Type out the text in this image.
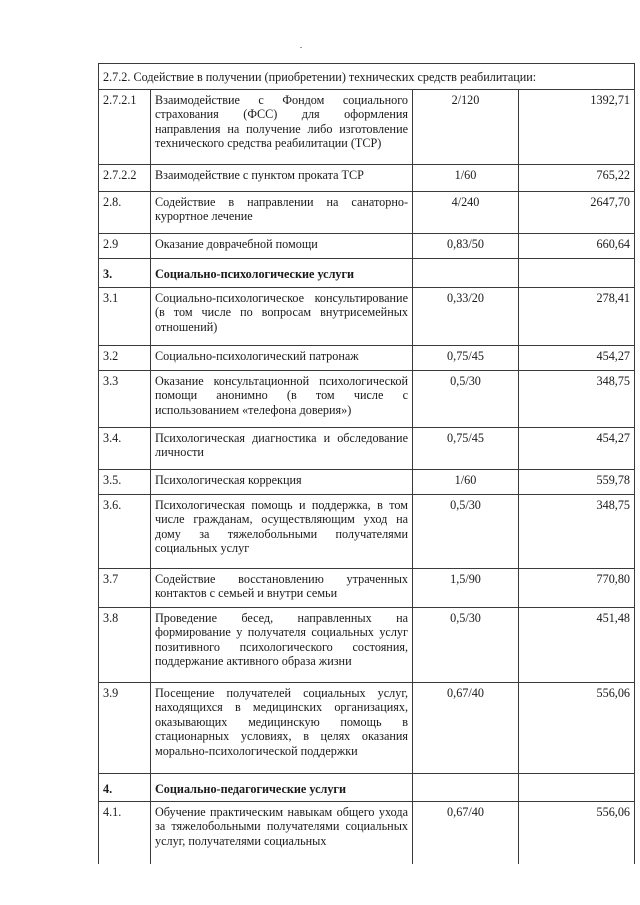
2.7.2. Содействие в получении (приобретении) технических средств реабилитации:			
2.7.2.1	Взаимодействие с Фондом социального страхования (ФСС) для оформления направления на получение либо изготовление технического средства реабилитации (ТСР)	2/120	1392,71
2.7.2.2	Взаимодействие с пунктом проката ТСР	1/60	765,22
2.8.	Содействие в направлении на санаторно-курортное лечение	4/240	2647,70
2.9	Оказание доврачебной помощи	0,83/50	660,64
3.	Социально-психологические услуги		
3.1	Социально-психологическое консультирование (в том числе по вопросам внутрисемейных отношений)	0,33/20	278,41
3.2	Социально-психологический патронаж	0,75/45	454,27
3.3	Оказание консультационной психологической помощи анонимно (в том числе с использованием «телефона доверия»)	0,5/30	348,75
3.4.	Психологическая диагностика и обследование личности	0,75/45	454,27
3.5.	Психологическая коррекция	1/60	559,78
3.6.	Психологическая помощь и поддержка, в том числе гражданам, осуществляющим уход на дому за тяжелобольными получателями социальных услуг	0,5/30	348,75
3.7	Содействие восстановлению утраченных контактов с семьей и внутри семьи	1,5/90	770,80
3.8	Проведение бесед, направленных на формирование у получателя социальных услуг позитивного психологического состояния, поддержание активного образа жизни	0,5/30	451,48
3.9	Посещение получателей социальных услуг, находящихся в медицинских организациях, оказывающих медицинскую помощь в стационарных условиях, в целях оказания морально-психологической поддержки	0,67/40	556,06
4.	Социально-педагогические услуги		
4.1.	Обучение практическим навыкам общего ухода за тяжелобольными получателями социальных услуг, получателями социальных	0,67/40	556,06
